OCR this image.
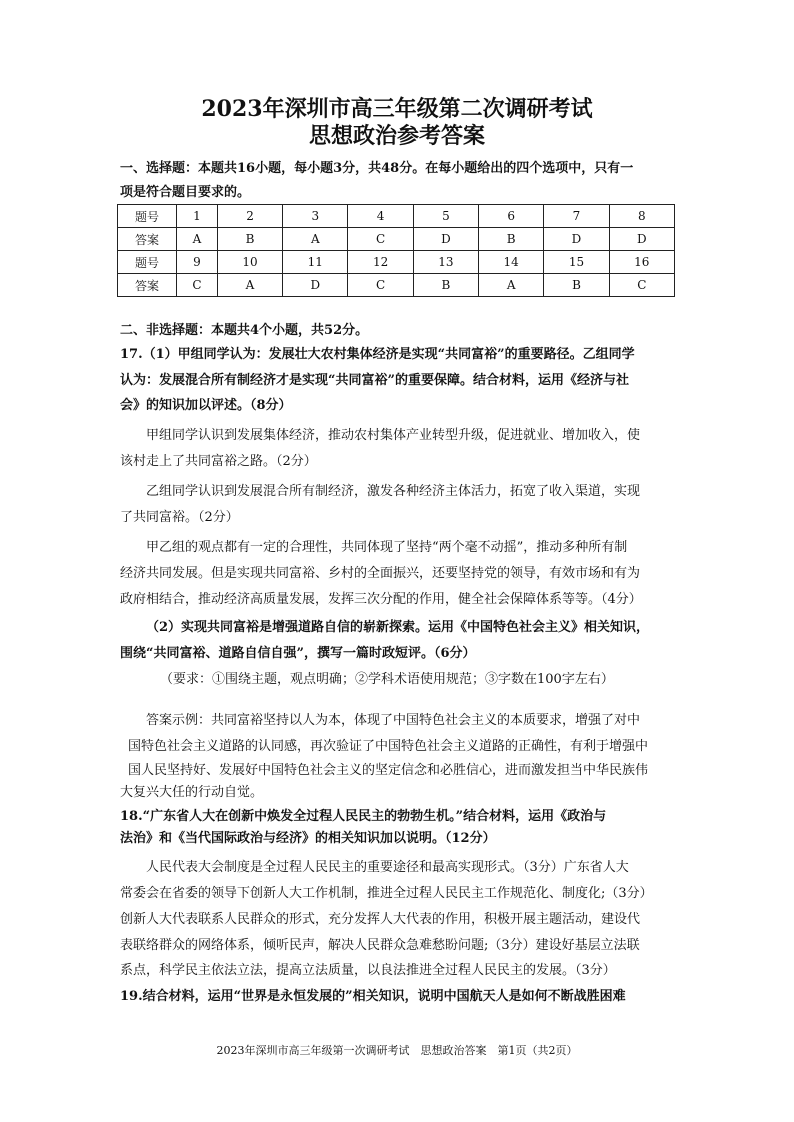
2023年深圳市高三年级第二次调研考试
思想政治参考答案
一、选择题：本题共16小题，每小题3分，共48分。在每小题给出的四个选项中，只有一
项是符合题目要求的。
题号	1	2	3	4	5	6	7	8
答案	A	B	A	C	D	B	D	D
题号	9	10	11	12	13	14	15	16
答案	C	A	D	C	B	A	B	C
二、非选择题：本题共4个小题，共52分。
17.（1）甲组同学认为：发展壮大农村集体经济是实现“共同富裕”的重要路径。乙组同学
认为：发展混合所有制经济才是实现“共同富裕”的重要保障。结合材料，运用《经济与社
会》的知识加以评述。（8分）
甲组同学认识到发展集体经济，推动农村集体产业转型升级，促进就业、增加收入，使
该村走上了共同富裕之路。（2分）
乙组同学认识到发展混合所有制经济，激发各种经济主体活力，拓宽了收入渠道，实现
了共同富裕。（2分）
甲乙组的观点都有一定的合理性，共同体现了坚持“两个毫不动摇”，推动多种所有制
经济共同发展。但是实现共同富裕、乡村的全面振兴，还要坚持党的领导，有效市场和有为
政府相结合，推动经济高质量发展，发挥三次分配的作用，健全社会保障体系等等。（4分）
（2）实现共同富裕是增强道路自信的崭新探索。运用《中国特色社会主义》相关知识，
围绕“共同富裕、道路自信自强”，撰写一篇时政短评。（6分）
（要求：①围绕主题，观点明确；②学科术语使用规范；③字数在100字左右）
答案示例：共同富裕坚持以人为本，体现了中国特色社会主义的本质要求，增强了对中
国特色社会主义道路的认同感，再次验证了中国特色社会主义道路的正确性，有利于增强中
国人民坚持好、发展好中国特色社会主义的坚定信念和必胜信心，进而激发担当中华民族伟
大复兴大任的行动自觉。
18.“广东省人大在创新中焕发全过程人民民主的勃勃生机。”结合材料，运用《政治与
法治》和《当代国际政治与经济》的相关知识加以说明。（12分）
人民代表大会制度是全过程人民民主的重要途径和最高实现形式。（3分）广东省人大
常委会在省委的领导下创新人大工作机制，推进全过程人民民主工作规范化、制度化;（3分）
创新人大代表联系人民群众的形式，充分发挥人大代表的作用，积极开展主题活动，建设代
表联络群众的网络体系，倾听民声，解决人民群众急难愁盼问题;（3分）建设好基层立法联
系点，科学民主依法立法，提高立法质量，以良法推进全过程人民民主的发展。（3分）
19.结合材料，运用“世界是永恒发展的”相关知识，说明中国航天人是如何不断战胜困难
2023年深圳市高三年级第一次调研考试　思想政治答案　第1页（共2页）
